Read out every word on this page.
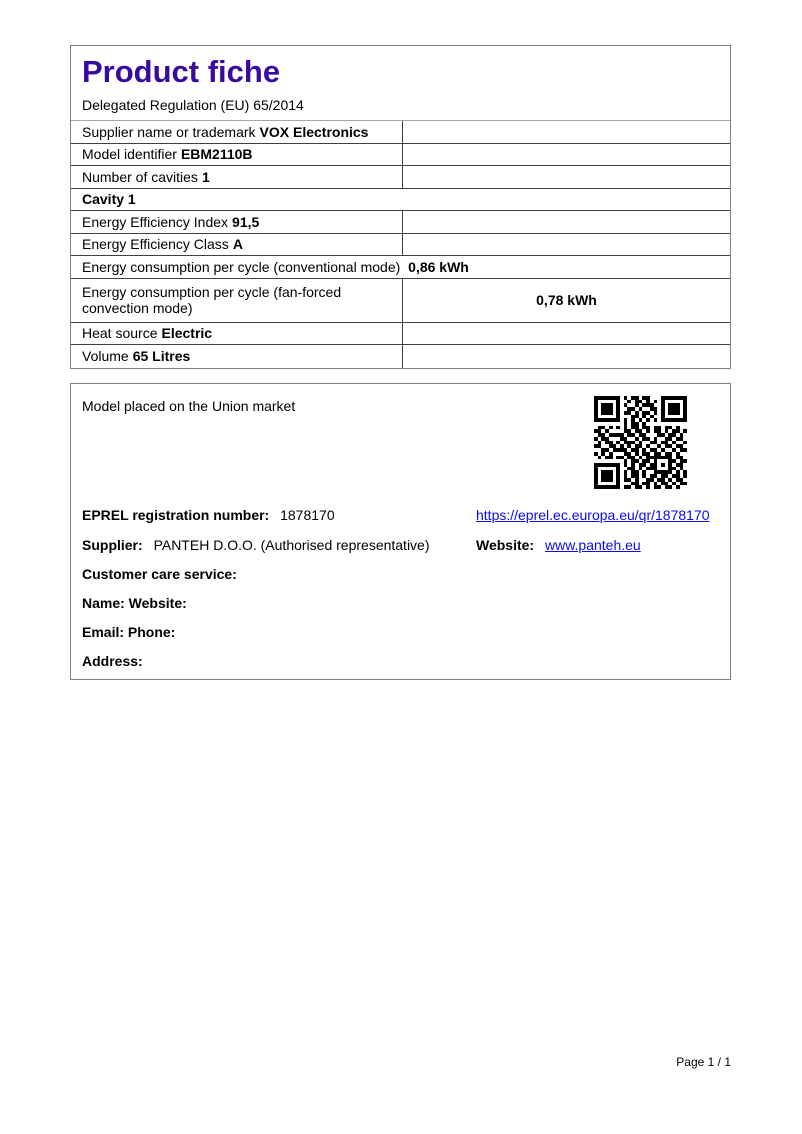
Product fiche
Delegated Regulation (EU) 65/2014
Supplier name or trademark VOX Electronics
Model identifier EBM2110B
Number of cavities 1
Cavity 1
Energy Efficiency Index 91,5
Energy Efficiency Class A
Energy consumption per cycle (conventional mode) 0,86 kWh
Energy consumption per cycle (fan-forced convection mode)	0,78 kWh
Heat source Electric
Volume 65 Litres
Model placed on the Union market
EPREL registration number: 1878170	https://eprel.ec.europa.eu/qr/1878170
Supplier: PANTEH D.O.O. (Authorised representative)	Website: www.panteh.eu
Customer care service:
Name: Website:
Email: Phone:
Address:
Page 1 / 1
